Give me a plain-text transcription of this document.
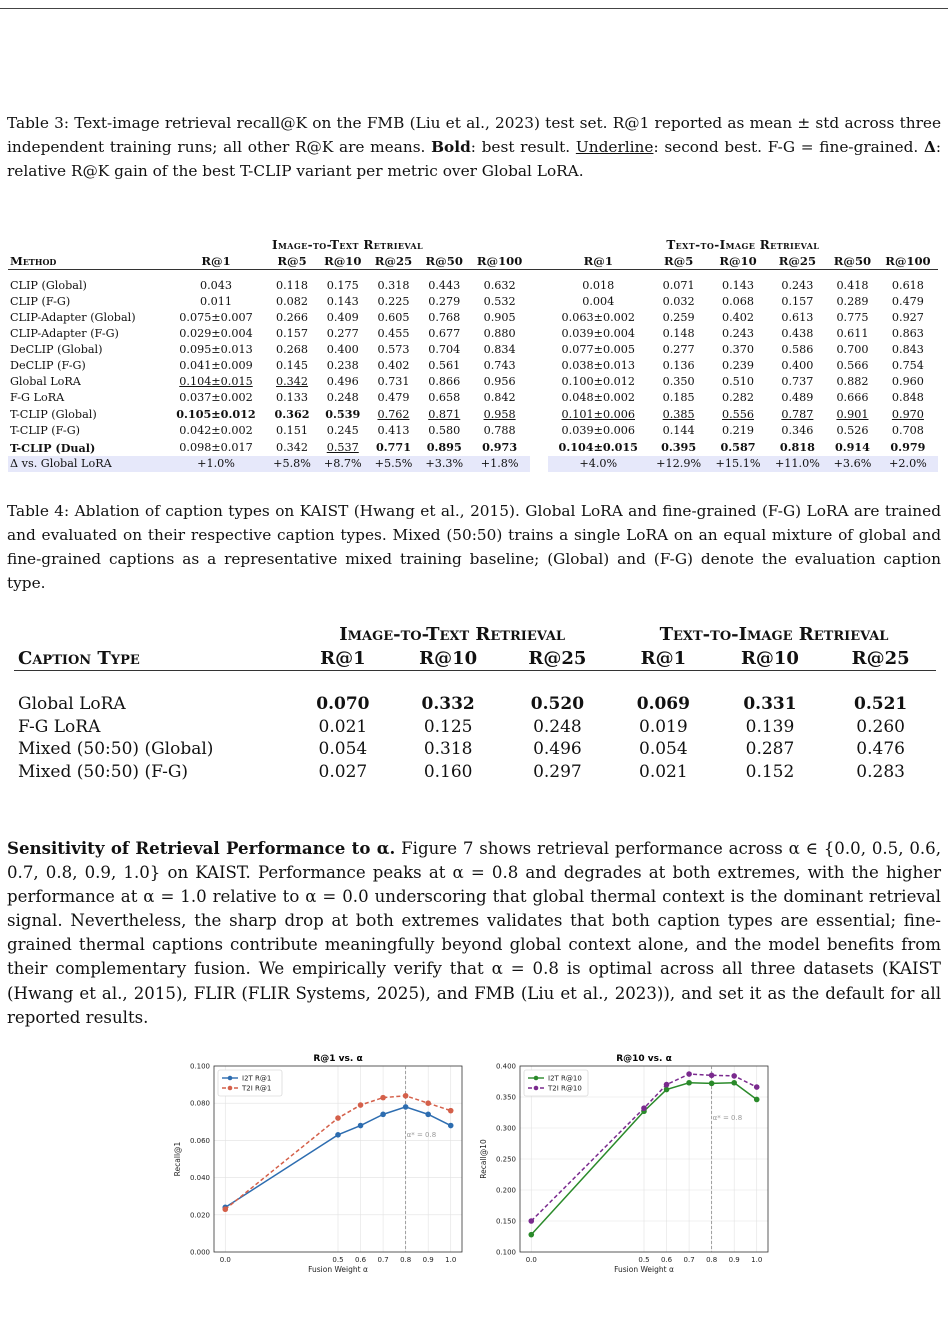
Table 3: Text-image retrieval recall@K on the FMB (Liu et al., 2023) test set. R@1 reported as mean ± std across three independent training runs; all other R@K are means. Bold: best result. Underline: second best. F-G = fine-grained. Δ: relative R@K gain of the best T-CLIP variant per metric over Global LoRA.
	Image-to-Text Retrieval							Text-to-Image Retrieval					
Method	R@1	R@5	R@10	R@25	R@50	R@100		R@1	R@5	R@10	R@25	R@50	R@100

CLIP (Global)	0.043	0.118	0.175	0.318	0.443	0.632		0.018	0.071	0.143	0.243	0.418	0.618
CLIP (F-G)	0.011	0.082	0.143	0.225	0.279	0.532		0.004	0.032	0.068	0.157	0.289	0.479
CLIP-Adapter (Global)	0.075±0.007	0.266	0.409	0.605	0.768	0.905		0.063±0.002	0.259	0.402	0.613	0.775	0.927
CLIP-Adapter (F-G)	0.029±0.004	0.157	0.277	0.455	0.677	0.880		0.039±0.004	0.148	0.243	0.438	0.611	0.863
DeCLIP (Global)	0.095±0.013	0.268	0.400	0.573	0.704	0.834		0.077±0.005	0.277	0.370	0.586	0.700	0.843
DeCLIP (F-G)	0.041±0.009	0.145	0.238	0.402	0.561	0.743		0.038±0.013	0.136	0.239	0.400	0.566	0.754
Global LoRA	0.104±0.015	0.342	0.496	0.731	0.866	0.956		0.100±0.012	0.350	0.510	0.737	0.882	0.960
F-G LoRA	0.037±0.002	0.133	0.248	0.479	0.658	0.842		0.048±0.002	0.185	0.282	0.489	0.666	0.848
T-CLIP (Global)	0.105±0.012	0.362	0.539	0.762	0.871	0.958		0.101±0.006	0.385	0.556	0.787	0.901	0.970
T-CLIP (F-G)	0.042±0.002	0.151	0.245	0.413	0.580	0.788		0.039±0.006	0.144	0.219	0.346	0.526	0.708
T-CLIP (Dual)	0.098±0.017	0.342	0.537	0.771	0.895	0.973		0.104±0.015	0.395	0.587	0.818	0.914	0.979
Δ vs. Global LoRA	+1.0%	+5.8%	+8.7%	+5.5%	+3.3%	+1.8%		+4.0%	+12.9%	+15.1%	+11.0%	+3.6%	+2.0%
Table 4: Ablation of caption types on KAIST (Hwang et al., 2015). Global LoRA and fine-grained (F-G) LoRA are trained and evaluated on their respective caption types. Mixed (50:50) trains a single LoRA on an equal mixture of global and fine-grained captions as a representative mixed training baseline; (Global) and (F-G) denote the evaluation caption type.
	Image-to-Text Retrieval			Text-to-Image Retrieval		
Caption Type	R@1	R@10	R@25	R@1	R@10	R@25

Global LoRA	0.070	0.332	0.520	0.069	0.331	0.521
F-G LoRA	0.021	0.125	0.248	0.019	0.139	0.260
Mixed (50:50) (Global)	0.054	0.318	0.496	0.054	0.287	0.476
Mixed (50:50) (F-G)	0.027	0.160	0.297	0.021	0.152	0.283
Sensitivity of Retrieval Performance to α. Figure 7 shows retrieval performance across α ∈ {0.0, 0.5, 0.6, 0.7, 0.8, 0.9, 1.0} on KAIST. Performance peaks at α = 0.8 and degrades at both extremes, with the higher performance at α = 1.0 relative to α = 0.0 underscoring that global thermal context is the dominant retrieval signal. Nevertheless, the sharp drop at both extremes validates that both caption types are essential; fine-grained thermal captions contribute meaningfully beyond global context alone, and the model benefits from their complementary fusion. We empirically verify that α = 0.8 is optimal across all three datasets (KAIST (Hwang et al., 2015), FLIR (FLIR Systems, 2025), and FMB (Liu et al., 2023)), and set it as the default for all reported results.
R@1 vs. α
0.000
0.020
0.040
0.060
0.080
0.100
0.0	0.5 0.6 0.7 0.8 0.9 1.0
α* = 0.8
I2T R@1
T2I R@1
Fusion Weight α
Recall@1
R@10 vs. α
0.100
0.150
0.200
0.250
0.300
0.350
0.400
0.0	0.5 0.6 0.7 0.8 0.9 1.0
α* = 0.8
I2T R@10
T2I R@10
Fusion Weight α
Recall@10
